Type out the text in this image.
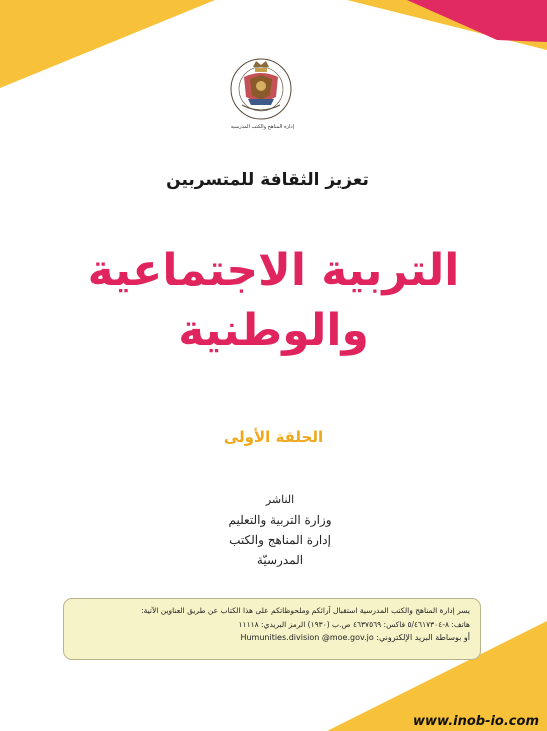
إدارة المناهج والكتب المدرسية
تعزيز الثقافة للمتسربين
التربية الاجتماعية
والوطنية
الحلقة الأولى
الناشر
وزارة التربية والتعليم
إدارة المناهج والكتب المدرسيّة
يسر إدارة المناهج والكتب المدرسية استقبال آرائكم وملحوظاتكم على هذا الكتاب عن طريق العناوين الآتية:
هاتف: ٨-٥/٤٦١٧٣٠٤ فاكس: ٤٦٣٧٥٦٩ ص.ب (١٩٣٠) الرمز البريدي: ١١١١٨
أو بوساطة البريد الإلكتروني: Humunities.division @moe.gov.jo
www.inob-io.com
